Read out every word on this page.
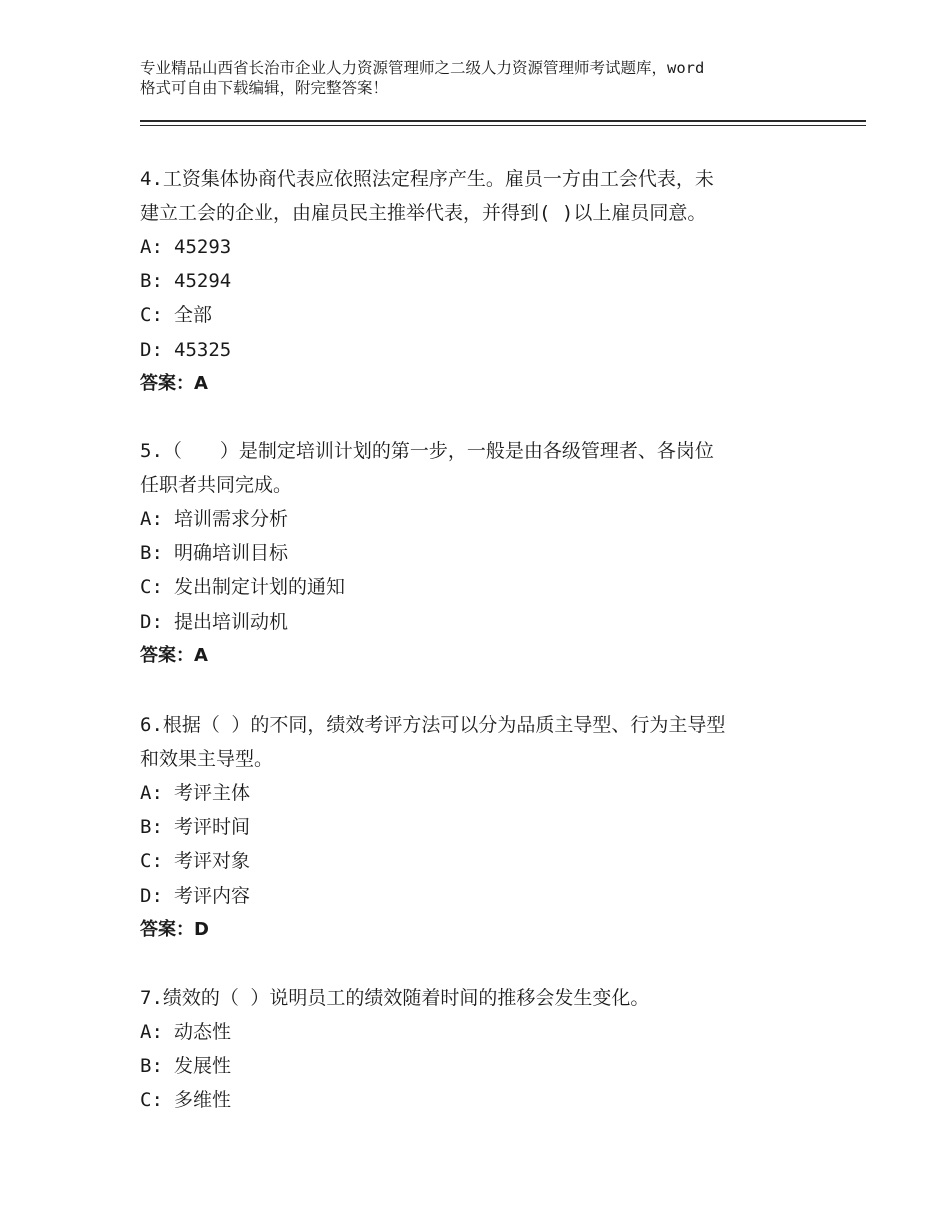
专业精品山西省长治市企业人力资源管理师之二级人力资源管理师考试题库，word
格式可自由下载编辑，附完整答案！
4.工资集体协商代表应依照法定程序产生。雇员一方由工会代表，未
建立工会的企业，由雇员民主推举代表，并得到( )以上雇员同意。
A: 45293
B: 45294
C: 全部
D: 45325
答案：A
5.（　　）是制定培训计划的第一步，一般是由各级管理者、各岗位
任职者共同完成。
A: 培训需求分析
B: 明确培训目标
C: 发出制定计划的通知
D: 提出培训动机
答案：A
6.根据（ ）的不同，绩效考评方法可以分为品质主导型、行为主导型
和效果主导型。
A: 考评主体
B: 考评时间
C: 考评对象
D: 考评内容
答案：D
7.绩效的（ ）说明员工的绩效随着时间的推移会发生变化。
A: 动态性
B: 发展性
C: 多维性
